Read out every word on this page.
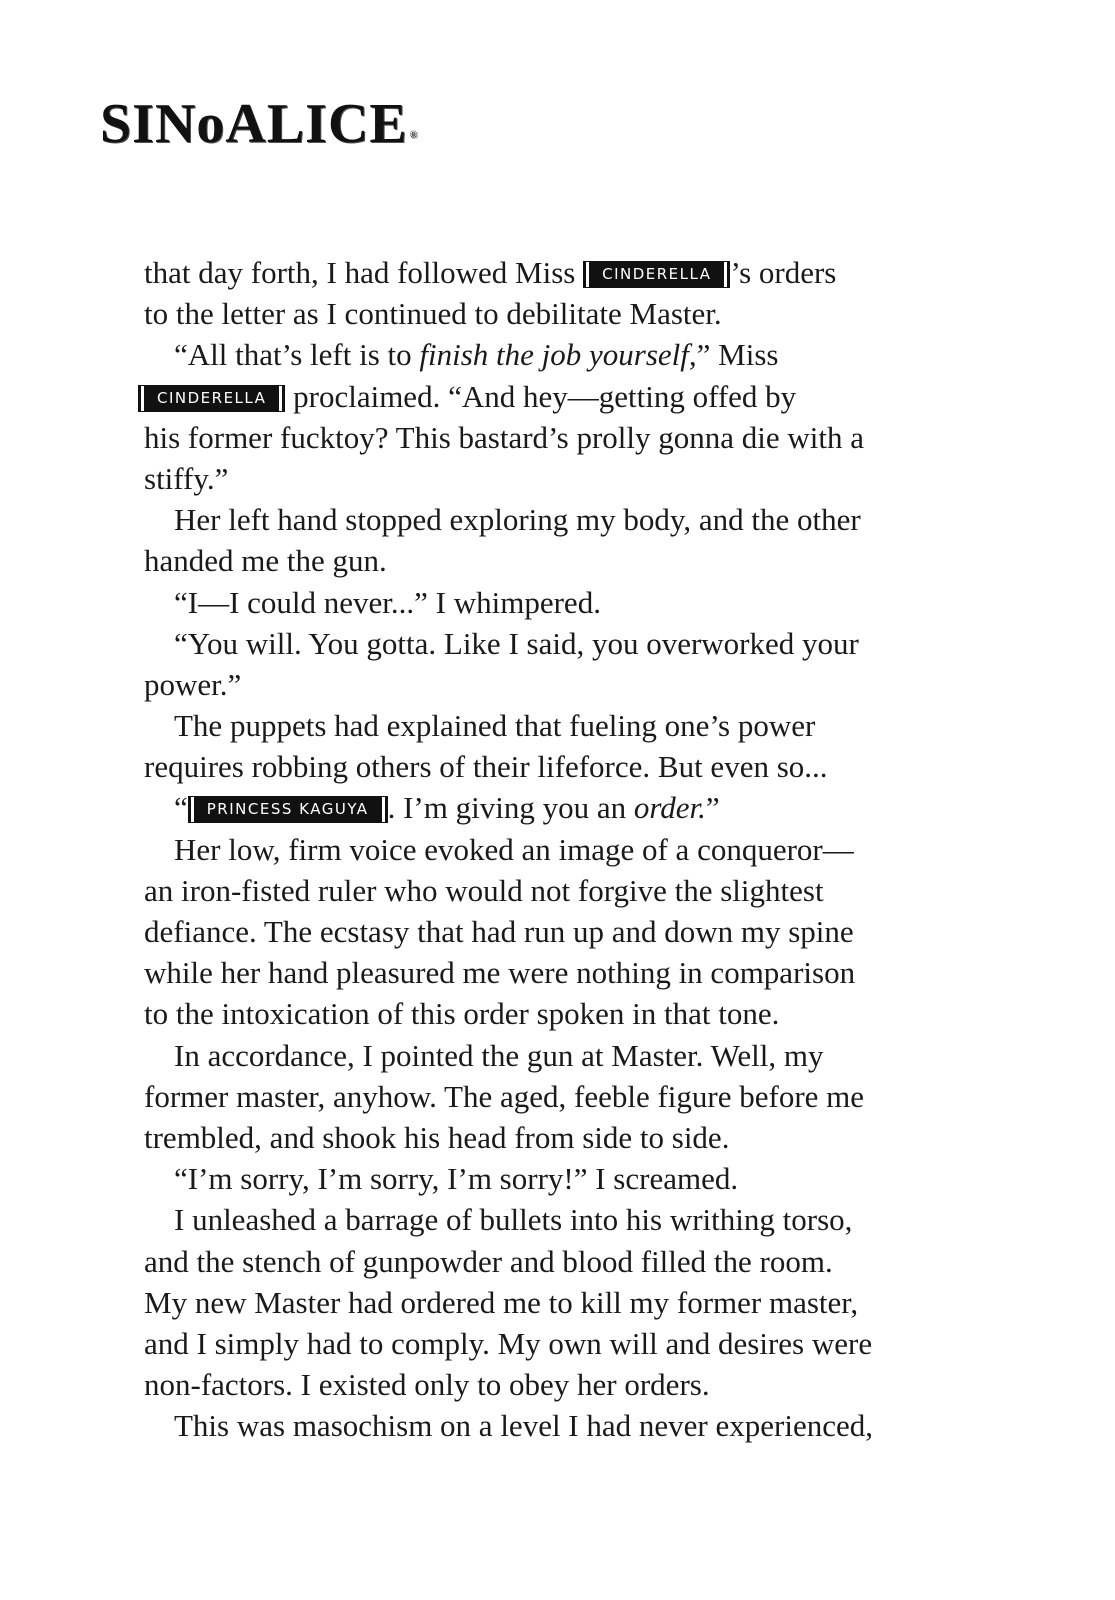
SINoALICE ®
that day forth, I had followed Miss CINDERELLA ’s orders
to the letter as I continued to debilitate Master.
“All that’s left is to finish the job yourself,” Miss
CINDERELLA proclaimed. “And hey—getting offed by
his former fucktoy? This bastard’s prolly gonna die with a
stiffy.”
Her left hand stopped exploring my body, and the other
handed me the gun.
“I—I could never...” I whimpered.
“You will. You gotta. Like I said, you overworked your
power.”
The puppets had explained that fueling one’s power
requires robbing others of their lifeforce. But even so...
“ PRINCESS KAGUYA . I’m giving you an order.”
Her low, firm voice evoked an image of a conqueror—
an iron-fisted ruler who would not forgive the slightest
defiance. The ecstasy that had run up and down my spine
while her hand pleasured me were nothing in comparison
to the intoxication of this order spoken in that tone.
In accordance, I pointed the gun at Master. Well, my
former master, anyhow. The aged, feeble figure before me
trembled, and shook his head from side to side.
“I’m sorry, I’m sorry, I’m sorry!” I screamed.
I unleashed a barrage of bullets into his writhing torso,
and the stench of gunpowder and blood filled the room.
My new Master had ordered me to kill my former master,
and I simply had to comply. My own will and desires were
non-factors. I existed only to obey her orders.
This was masochism on a level I had never experienced,
